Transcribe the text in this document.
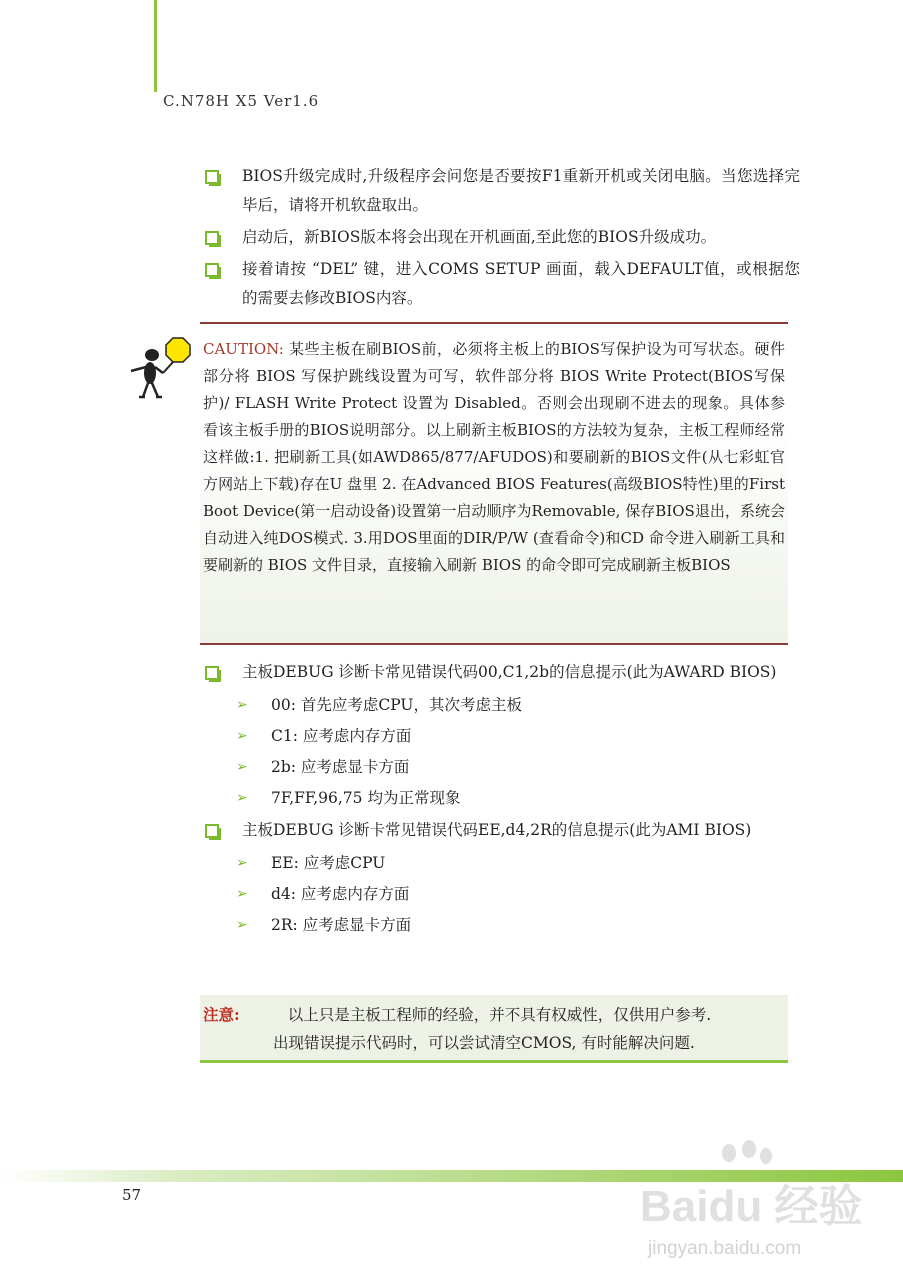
C.N78H X5 Ver1.6
BIOS升级完成时,升级程序会问您是否要按F1重新开机或关闭电脑。当您选择完毕后，请将开机软盘取出。
启动后，新BIOS版本将会出现在开机画面,至此您的BIOS升级成功。
接着请按 “DEL” 键，进入COMS SETUP 画面，载入DEFAULT值，或根据您的需要去修改BIOS内容。
CAUTION: 某些主板在刷BIOS前，必须将主板上的BIOS写保护设为可写状态。硬件部分将 BIOS 写保护跳线设置为可写，软件部分将 BIOS Write Protect(BIOS写保护)/ FLASH Write Protect 设置为 Disabled。否则会出现刷不进去的现象。具体参看该主板手册的BIOS说明部分。以上刷新主板BIOS的方法较为复杂，主板工程师经常这样做:1. 把刷新工具(如AWD865/877/AFUDOS)和要刷新的BIOS文件(从七彩虹官方网站上下载)存在U 盘里 2. 在Advanced BIOS Features(高级BIOS特性)里的First Boot Device(第一启动设备)设置第一启动顺序为Removable, 保存BIOS退出，系统会自动进入纯DOS模式. 3.用DOS里面的DIR/P/W (查看命令)和CD 命令进入刷新工具和要刷新的 BIOS 文件目录，直接输入刷新 BIOS 的命令即可完成刷新主板BIOS
主板DEBUG 诊断卡常见错误代码00,C1,2b的信息提示(此为AWARD BIOS)
➢ 00: 首先应考虑CPU，其次考虑主板
➢ C1: 应考虑内存方面
➢ 2b: 应考虑显卡方面
➢ 7F,FF,96,75 均为正常现象
主板DEBUG 诊断卡常见错误代码EE,d4,2R的信息提示(此为AMI BIOS)
➢ EE: 应考虑CPU
➢ d4: 应考虑内存方面
➢ 2R: 应考虑显卡方面
注意:	以上只是主板工程师的经验，并不具有权威性，仅供用户参考.
出现错误提示代码时，可以尝试清空CMOS, 有时能解决问题.
57	Baidu 经验
jingyan.baidu.com
